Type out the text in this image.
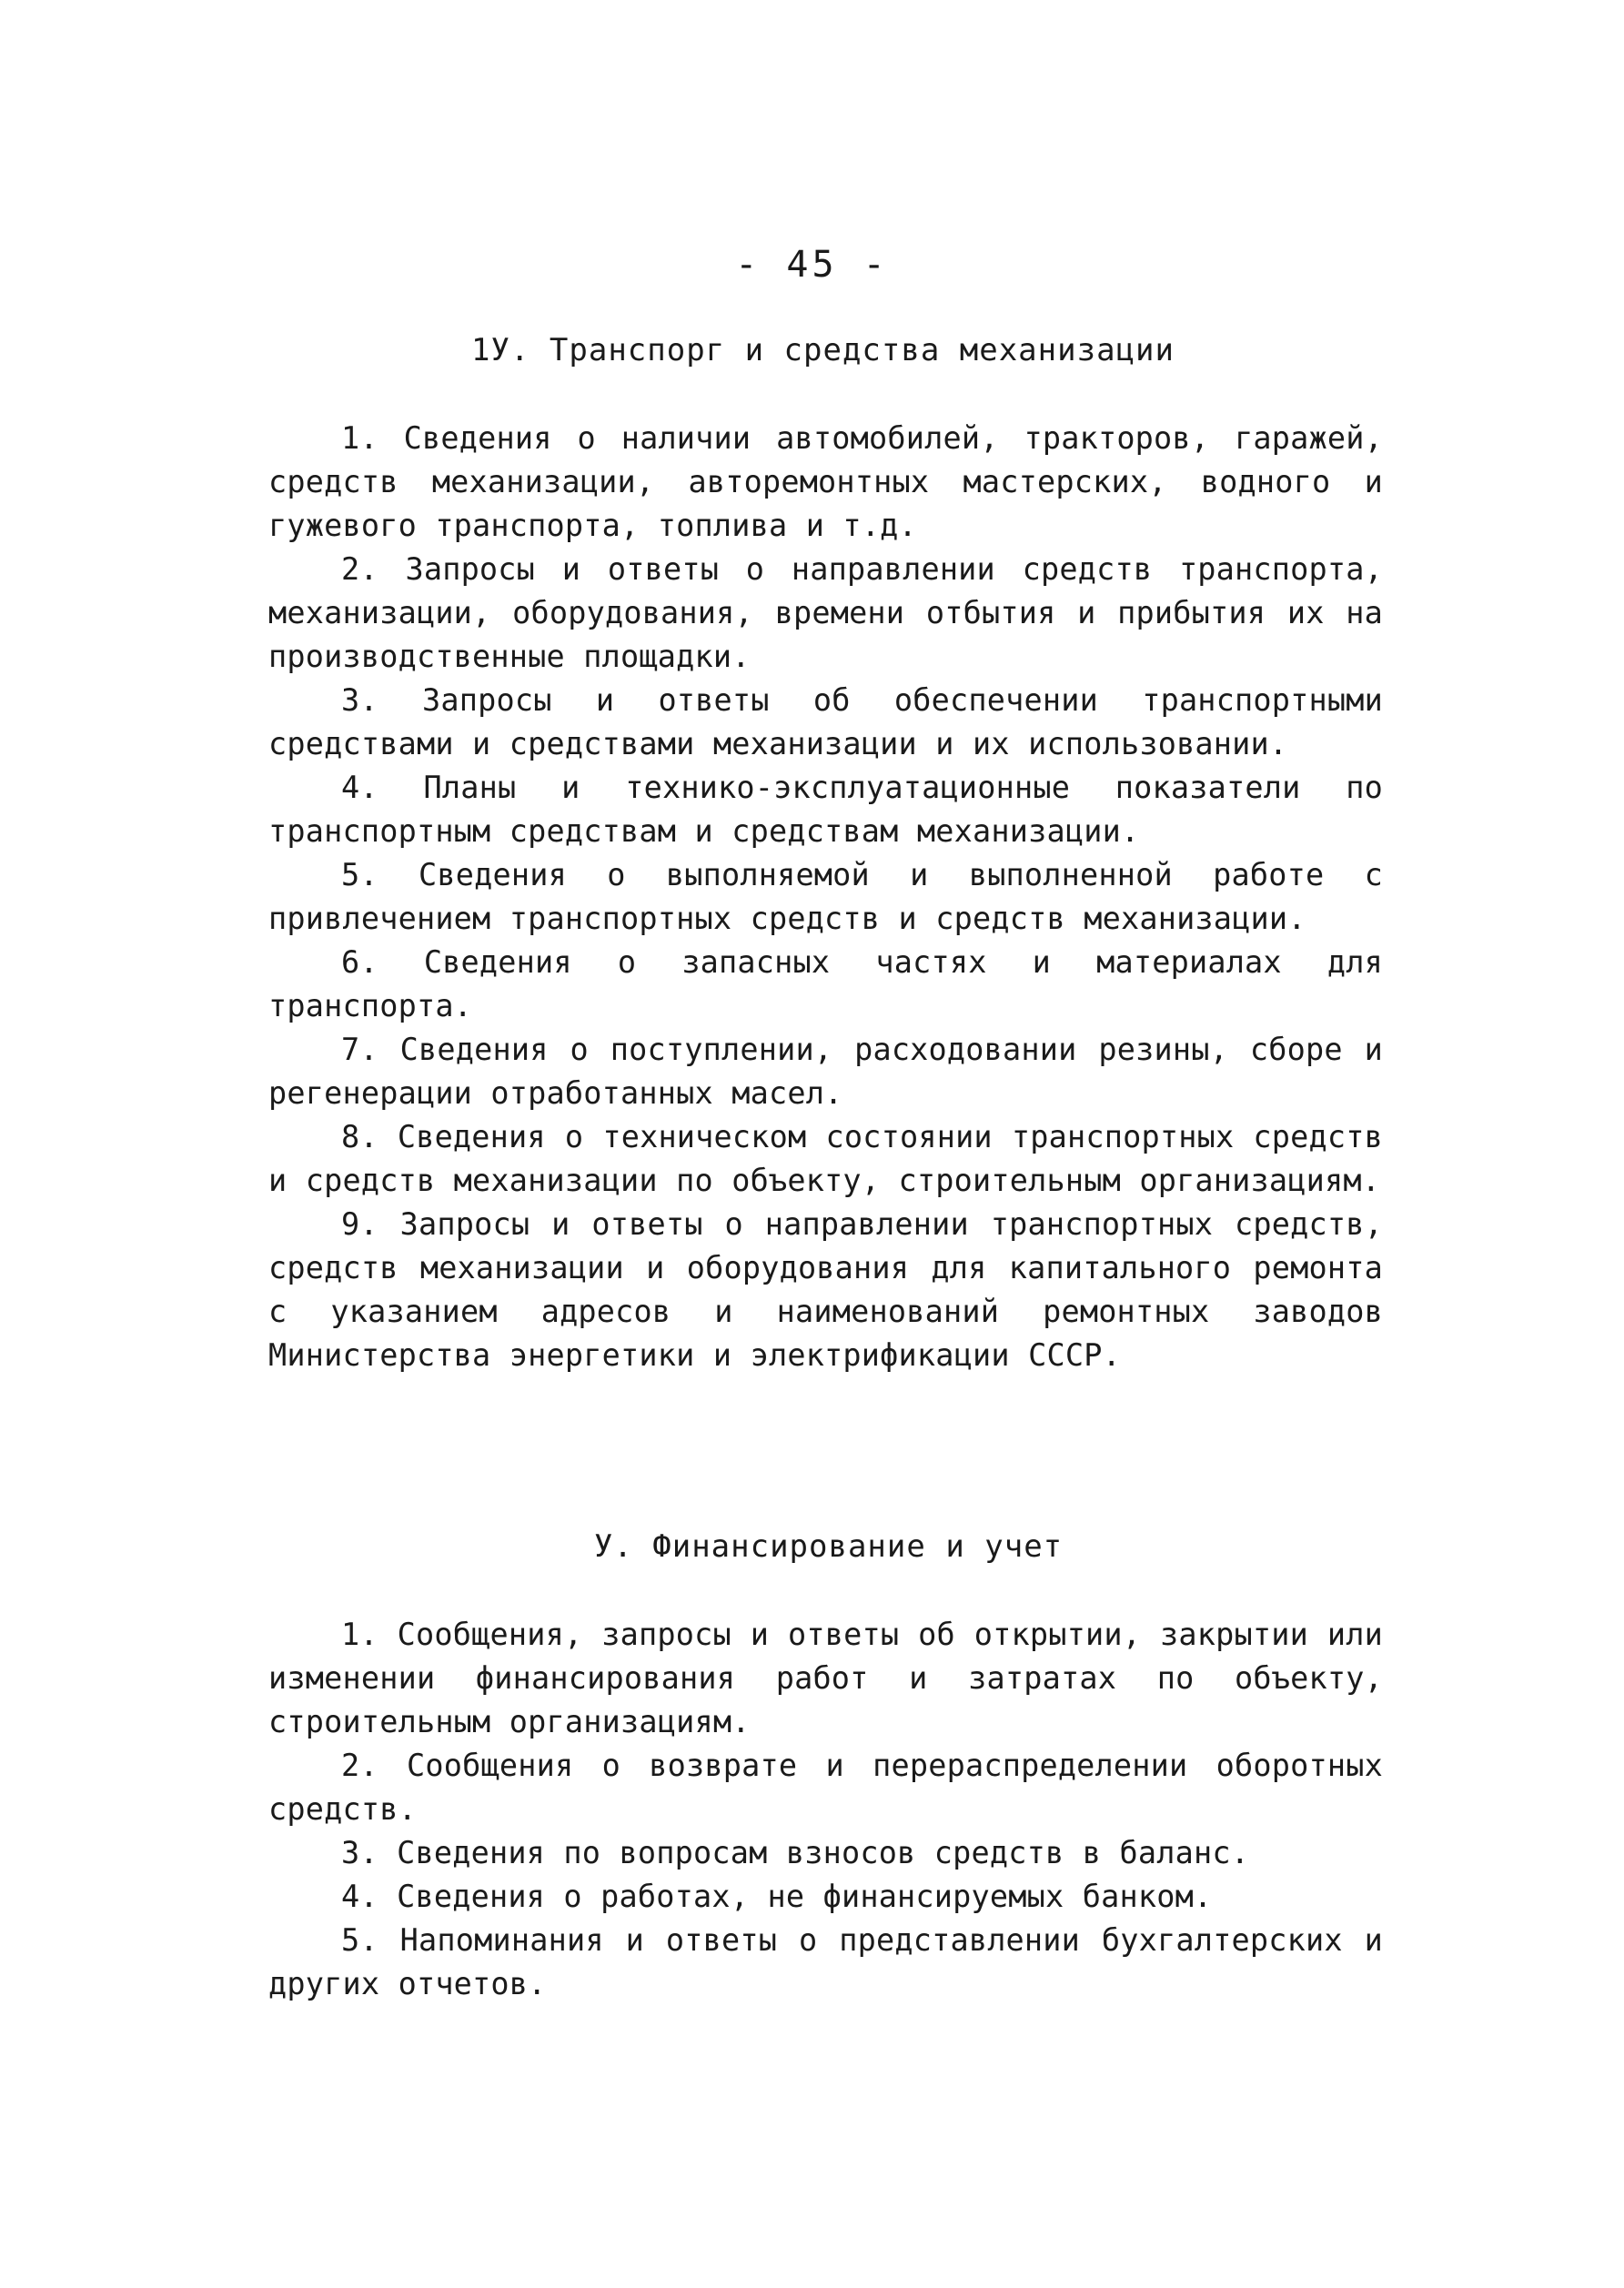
- 45 -
1У. Транспорг и средства механизации

1. Сведения о наличии автомобилей, тракторов, гаражей, средств механизации, авторемонтных мастерских, водного и гужевого транспорта, топлива и т.д.

2. Запросы и ответы о направлении средств транспорта, механизации, оборудования, времени отбытия и прибытия их на производственные площадки.

3. Запросы и ответы об обеспечении транспортными средствами и средствами механизации и их использовании.

4. Планы и технико-эксплуатационные показатели по транспортным средствам и средствам механизации.

5. Сведения о выполняемой и выполненной работе с привлечением транспортных средств и средств механизации.

6. Сведения о запасных частях и материалах для транспорта.

7. Сведения о поступлении, расходовании резины, сборе и регенерации отработанных масел.

8. Сведения о техническом состоянии транспортных средств и средств механизации по объекту, строительным организациям.

9. Запросы и ответы о направлении транспортных средств, средств механизации и оборудования для капитального ремонта с указанием адресов и наименований ремонтных заводов Министерства энергетики и электрификации СССР.

У. Финансирование и учет

1. Сообщения, запросы и ответы об открытии, закрытии или изменении финансирования работ и затратах по объекту, строительным организациям.

2. Сообщения о возврате и перераспределении оборотных средств.

3. Сведения по вопросам взносов средств в баланс.

4. Сведения о работах, не финансируемых банком.

5. Напоминания и ответы о представлении бухгалтерских и других отчетов.
